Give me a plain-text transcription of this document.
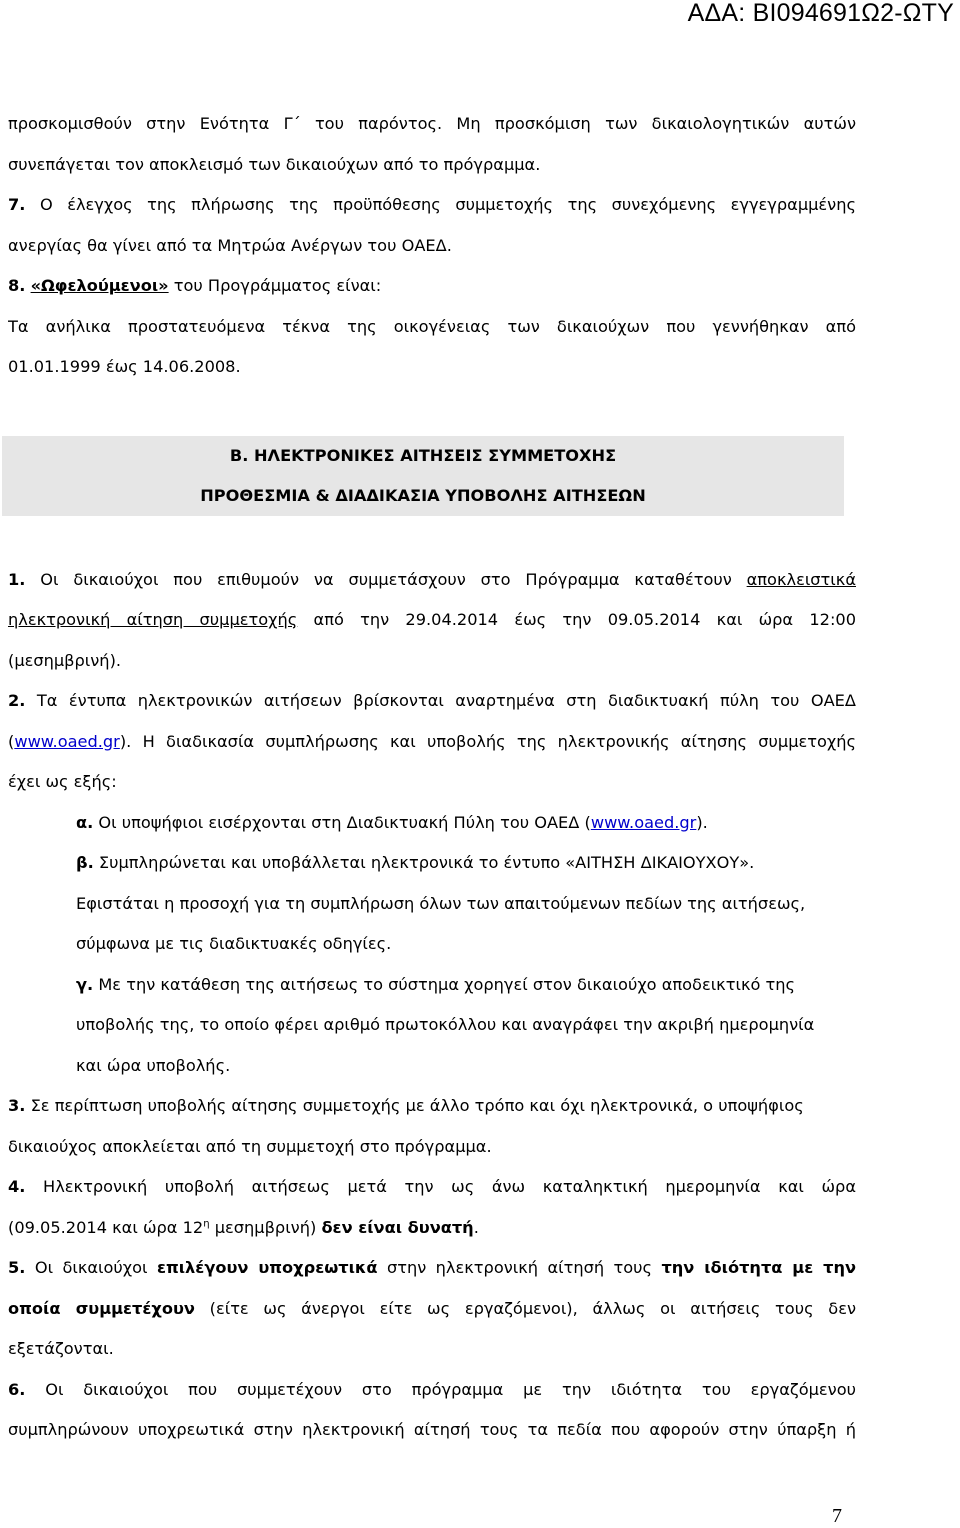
ΑΔΑ: ΒΙ094691Ω2-ΩΤΥ
Β. ΗΛΕΚΤΡΟΝΙΚΕΣ ΑΙΤΗΣΕΙΣ ΣΥΜΜΕΤΟΧΗΣ
ΠΡΟΘΕΣΜΙΑ & ΔΙΑΔΙΚΑΣΙΑ ΥΠΟΒΟΛΗΣ ΑΙΤΗΣΕΩΝ
προσκομισθούν στην Ενότητα Γ΄ του παρόντος. Μη προσκόμιση των δικαιολογητικών αυτών
συνεπάγεται τον αποκλεισμό των δικαιούχων από το πρόγραμμα.
7. Ο έλεγχος της πλήρωσης της προϋπόθεσης συμμετοχής της συνεχόμενης εγγεγραμμένης
ανεργίας θα γίνει από τα Μητρώα Ανέργων του ΟΑΕΔ.
8. «Ωφελούμενοι» του Προγράμματος είναι:
Τα ανήλικα προστατευόμενα τέκνα της οικογένειας των δικαιούχων που γεννήθηκαν από
01.01.1999 έως 14.06.2008.
1. Οι δικαιούχοι που επιθυμούν να συμμετάσχουν στο Πρόγραμμα καταθέτουν αποκλειστικά
ηλεκτρονική αίτηση συμμετοχής από την 29.04.2014 έως την 09.05.2014 και ώρα 12:00
(μεσημβρινή).
2. Τα έντυπα ηλεκτρονικών αιτήσεων βρίσκονται αναρτημένα στη διαδικτυακή πύλη του ΟΑΕΔ
(www.oaed.gr). Η διαδικασία συμπλήρωσης και υποβολής της ηλεκτρονικής αίτησης συμμετοχής
έχει ως εξής:
α. Οι υποψήφιοι εισέρχονται στη Διαδικτυακή Πύλη του ΟΑΕΔ (www.oaed.gr).
β. Συμπληρώνεται και υποβάλλεται ηλεκτρονικά το έντυπο «ΑΙΤΗΣΗ ΔΙΚΑΙΟΥΧΟΥ».
Εφιστάται η προσοχή για τη συμπλήρωση όλων των απαιτούμενων πεδίων της αιτήσεως,
σύμφωνα με τις διαδικτυακές οδηγίες.
γ. Με την κατάθεση της αιτήσεως το σύστημα χορηγεί στον δικαιούχο αποδεικτικό της
υποβολής της, το οποίο φέρει αριθμό πρωτοκόλλου και αναγράφει την ακριβή ημερομηνία
και ώρα υποβολής.
3. Σε περίπτωση υποβολής αίτησης συμμετοχής με άλλο τρόπο και όχι ηλεκτρονικά, ο υποψήφιος
δικαιούχος αποκλείεται από τη συμμετοχή στο πρόγραμμα.
4. Ηλεκτρονική υποβολή αιτήσεως μετά την ως άνω καταληκτική ημερομηνία και ώρα
(09.05.2014 και ώρα $12^\eta$ μεσημβρινή) δεν είναι δυνατή.
5. Οι δικαιούχοι επιλέγουν υποχρεωτικά στην ηλεκτρονική αίτησή τους την ιδιότητα με την
οποία συμμετέχουν (είτε ως άνεργοι είτε ως εργαζόμενοι), άλλως οι αιτήσεις τους δεν
εξετάζονται.
6. Οι δικαιούχοι που συμμετέχουν στο πρόγραμμα με την ιδιότητα του εργαζόμενου
συμπληρώνουν υποχρεωτικά στην ηλεκτρονική αίτησή τους τα πεδία που αφορούν στην ύπαρξη ή
7
